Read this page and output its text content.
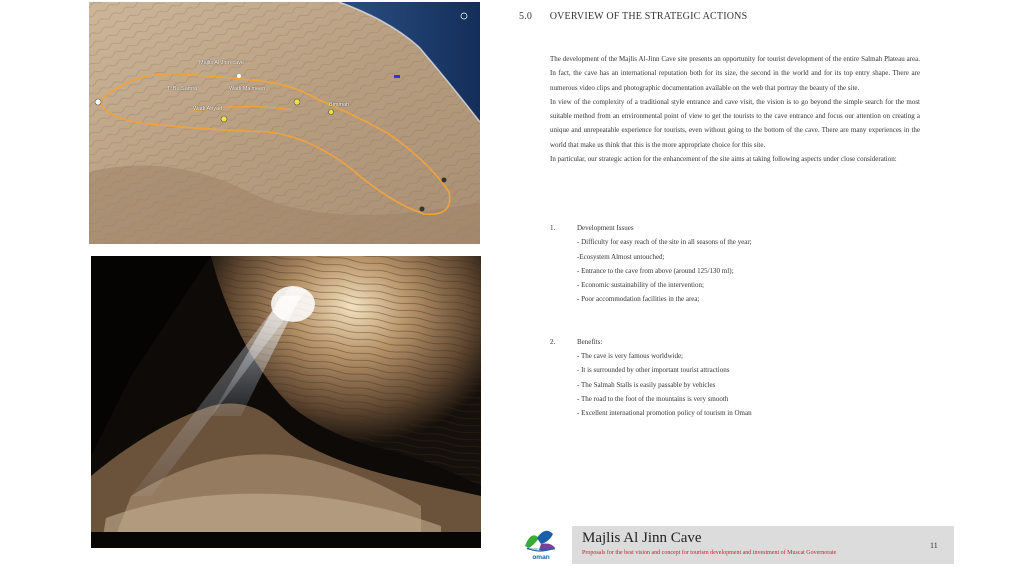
Majlis Al Jinn cave
Wadi Ma'meen
T. Bu Samra
Wadi Abyad
Bimmah
5.0 OVERVIEW OF THE STRATEGIC ACTIONS

The development of the Majlis Al-Jinn Cave site presents an opportunity for tourist development of the entire Salmah Plateau area. In fact, the cave has an international reputation both for its size, the second in the world and for its top entry shape. There are numerous video clips and photographic documentation available on the web that portray the beauty of the site.

In view of the complexity of a traditional style entrance and cave visit, the vision is to go beyond the simple search for the most suitable method from an environmental point of view to get the tourists to the cave entrance and focus our attention on creating a unique and unrepeatable experience for tourists, even without going to the bottom of the cave. There are many experiences in the world that make us think that this is the more appropriate choice for this site.

In particular, our strategic action for the enhancement of the site aims at taking following aspects under close consideration:

1.	Development Issues
- Difficulty for easy reach of the site in all seasons of the year;
-Ecosystem Almost untouched;
- Entrance to the cave from above (around 125/130 ml);
- Economic sustainability of the intervention;
- Poor accommodation facilities in the area;
2.	Benefits:
- The cave is very famous worldwide;
- It is surrounded by other important tourist attractions
- The Salmah Stalls is easily passable by vehicles
- The road to the foot of the mountains is very smooth
- Excellent international promotion policy of tourism in Oman
MINISTRY OF TOURISM
oman
Majlis Al Jinn Cave
Proposals for the best vision and concept for tourism development and investment of Muscat Governorate
11
